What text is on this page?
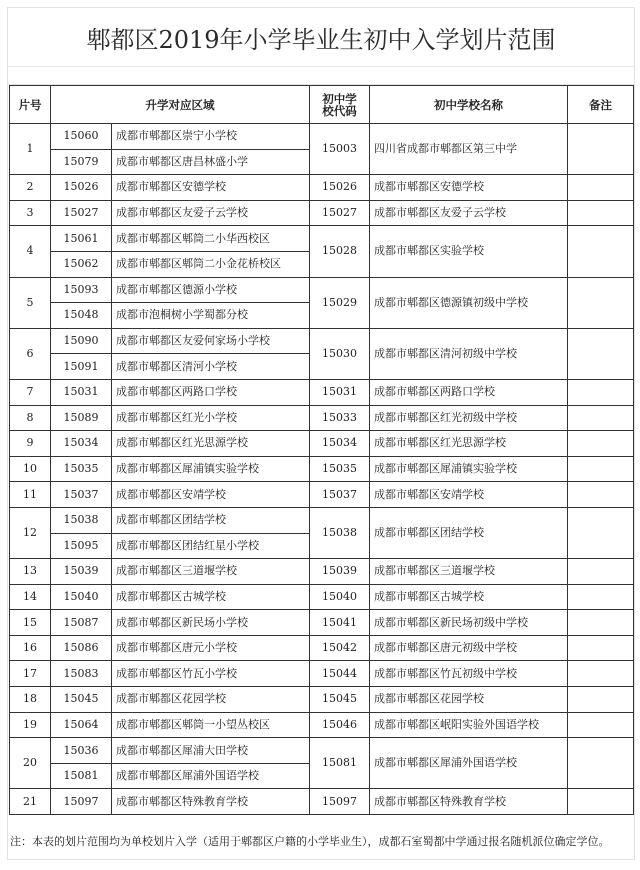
郫都区2019年小学毕业生初中入学划片范围
片号	升学对应区域		初中学校代码	初中学校名称	备注
1	15060	成都市郫都区崇宁小学校	15003	四川省成都市郫都区第三中学	
	15079	成都市郫都区唐昌林盛小学			
2	15026	成都市郫都区安德学校	15026	成都市郫都区安德学校	
3	15027	成都市郫都区友爱子云学校	15027	成都市郫都区友爱子云学校	
4	15061	成都市郫都区郫筒二小华西校区	15028	成都市郫都区实验学校	
	15062	成都市郫都区郫筒二小金花桥校区			
5	15093	成都市郫都区德源小学校	15029	成都市郫都区德源镇初级中学校	
	15048	成都市泡桐树小学蜀都分校			
6	15090	成都市郫都区友爱何家场小学校	15030	成都市郫都区清河初级中学校	
	15091	成都市郫都区清河小学校			
7	15031	成都市郫都区两路口学校	15031	成都市郫都区两路口学校	
8	15089	成都市郫都区红光小学校	15033	成都市郫都区红光初级中学校	
9	15034	成都市郫都区红光思源学校	15034	成都市郫都区红光思源学校	
10	15035	成都市郫都区犀浦镇实验学校	15035	成都市郫都区犀浦镇实验学校	
11	15037	成都市郫都区安靖学校	15037	成都市郫都区安靖学校	
12	15038	成都市郫都区团结学校	15038	成都市郫都区团结学校	
	15095	成都市郫都区团结红星小学校			
13	15039	成都市郫都区三道堰学校	15039	成都市郫都区三道堰学校	
14	15040	成都市郫都区古城学校	15040	成都市郫都区古城学校	
15	15087	成都市郫都区新民场小学校	15041	成都市郫都区新民场初级中学校	
16	15086	成都市郫都区唐元小学校	15042	成都市郫都区唐元初级中学校	
17	15083	成都市郫都区竹瓦小学校	15044	成都市郫都区竹瓦初级中学校	
18	15045	成都市郫都区花园学校	15045	成都市郫都区花园学校	
19	15064	成都市郫都区郫筒一小望丛校区	15046	成都市郫都区岷阳实验外国语学校	
20	15036	成都市郫都区犀浦大田学校	15081	成都市郫都区犀浦外国语学校	
	15081	成都市郫都区犀浦外国语学校			
21	15097	成都市郫都区特殊教育学校	15097	成都市郫都区特殊教育学校	
注：本表的划片范围均为单校划片入学（适用于郫都区户籍的小学毕业生），成都石室蜀都中学通过报名随机派位确定学位。
